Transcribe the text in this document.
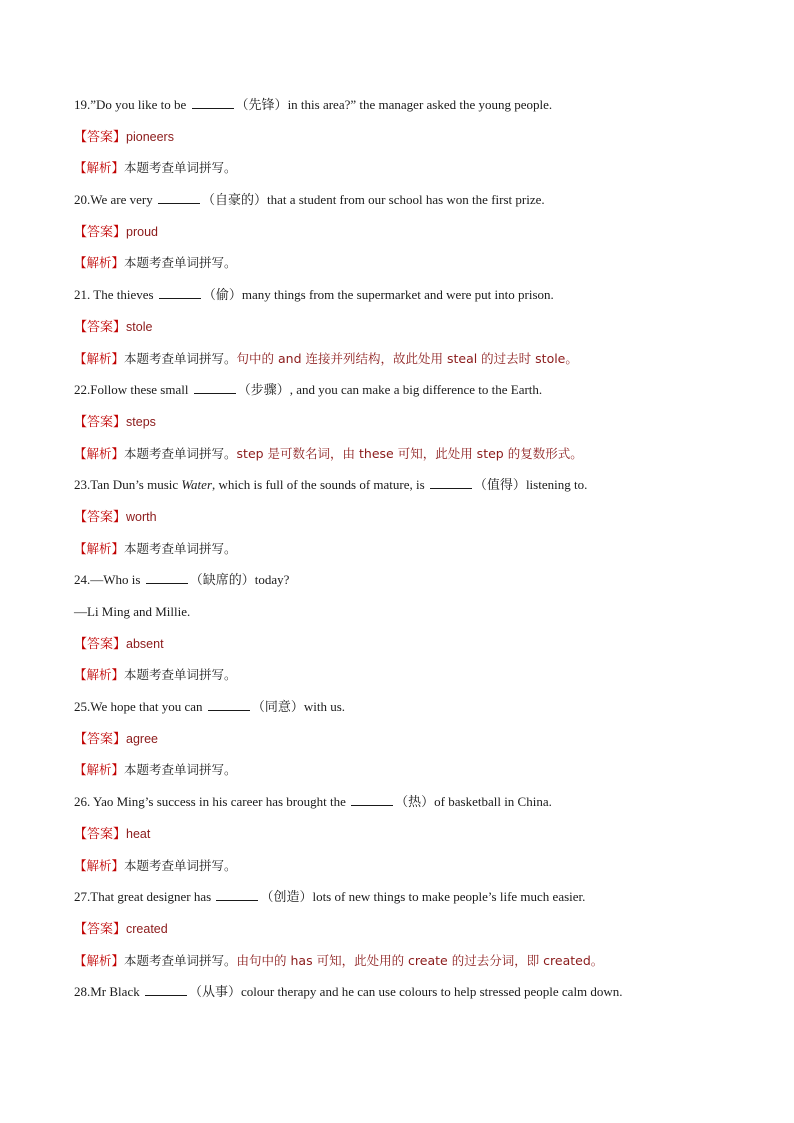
19.”Do you like to be	（先锋）in this area?” the manager asked the young people.
【答案】pioneers
【解析】本题考查单词拼写。
20.We are very	（自豪的）that a student from our school has won the first prize.
【答案】proud
【解析】本题考查单词拼写。
21. The thieves	（偷）many things from the supermarket and were put into prison.
【答案】stole
【解析】本题考查单词拼写。句中的 and 连接并列结构，故此处用 steal 的过去时 stole。
22.Follow these small	（步骤）, and you can make a big difference to the Earth.
【答案】steps
【解析】本题考查单词拼写。step 是可数名词，由 these 可知，此处用 step 的复数形式。
23.Tan Dun’s music Water, which is full of the sounds of mature, is	（值得）listening to.
【答案】worth
【解析】本题考查单词拼写。
24.—Who is	（缺席的）today?
—Li Ming and Millie.
【答案】absent
【解析】本题考查单词拼写。
25.We hope that you can	（同意）with us.
【答案】agree
【解析】本题考查单词拼写。
26. Yao Ming’s success in his career has brought the	（热）of basketball in China.
【答案】heat
【解析】本题考查单词拼写。
27.That great designer has	（创造）lots of new things to make people’s life much easier.
【答案】created
【解析】本题考查单词拼写。由句中的 has 可知，此处用的 create 的过去分词，即 created。
28.Mr Black	（从事）colour therapy and he can use colours to help stressed people calm down.
